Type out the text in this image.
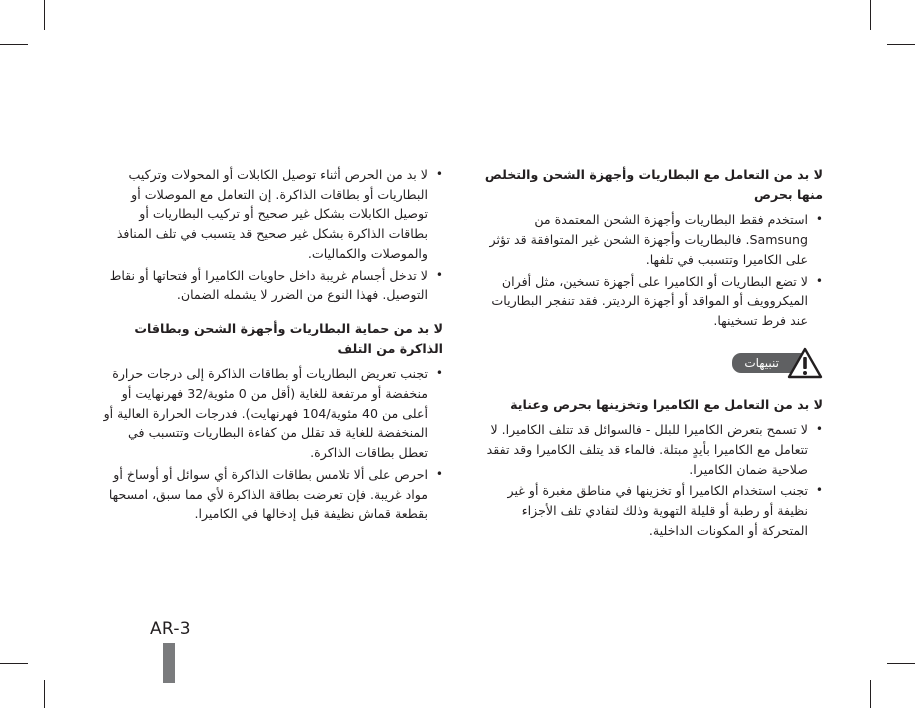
لا بد من التعامل مع البطاريات وأجهزة الشحن والتخلص منها بحرص
• استخدم فقط البطاريات وأجهزة الشحن المعتمدة من Samsung. فالبطاريات وأجهزة الشحن غير المتوافقة قد تؤثر على الكاميرا وتتسبب في تلفها.
• لا تضع البطاريات أو الكاميرا على أجهزة تسخين، مثل أفران الميكروويف أو المواقد أو أجهزة الرديتر. فقد تنفجر البطاريات عند فرط تسخينها.
تنبيهات
لا بد من التعامل مع الكاميرا وتخزينها بحرص وعناية
• لا تسمح بتعرض الكاميرا للبلل - فالسوائل قد تتلف الكاميرا. لا تتعامل مع الكاميرا بأيدٍ مبتلة. فالماء قد يتلف الكاميرا وقد تفقد صلاحية ضمان الكاميرا.
• تجنب استخدام الكاميرا أو تخزينها في مناطق مغبرة أو غير نظيفة أو رطبة أو قليلة التهوية وذلك لتفادي تلف الأجزاء المتحركة أو المكونات الداخلية.
• لا بد من الحرص أثناء توصيل الكابلات أو المحولات وتركيب البطاريات أو بطاقات الذاكرة. إن التعامل مع الموصلات أو توصيل الكابلات بشكل غير صحيح أو تركيب البطاريات أو بطاقات الذاكرة بشكل غير صحيح قد يتسبب في تلف المنافذ والموصلات والكماليات.
• لا تدخل أجسام غريبة داخل حاويات الكاميرا أو فتحاتها أو نقاط التوصيل. فهذا النوع من الضرر لا يشمله الضمان.
لا بد من حماية البطاريات وأجهزة الشحن وبطاقات الذاكرة من التلف
• تجنب تعريض البطاريات أو بطاقات الذاكرة إلى درجات حرارة منخفضة أو مرتفعة للغاية (أقل من 0 مئوية/32 فهرنهايت أو أعلى من 40 مئوية/104 فهرنهايت). فدرجات الحرارة العالية أو المنخفضة للغاية قد تقلل من كفاءة البطاريات وتتسبب في تعطل بطاقات الذاكرة.
• احرص على ألا تلامس بطاقات الذاكرة أي سوائل أو أوساخ أو مواد غريبة. فإن تعرضت بطاقة الذاكرة لأي مما سبق، امسحها بقطعة قماش نظيفة قبل إدخالها في الكاميرا.
AR-3
